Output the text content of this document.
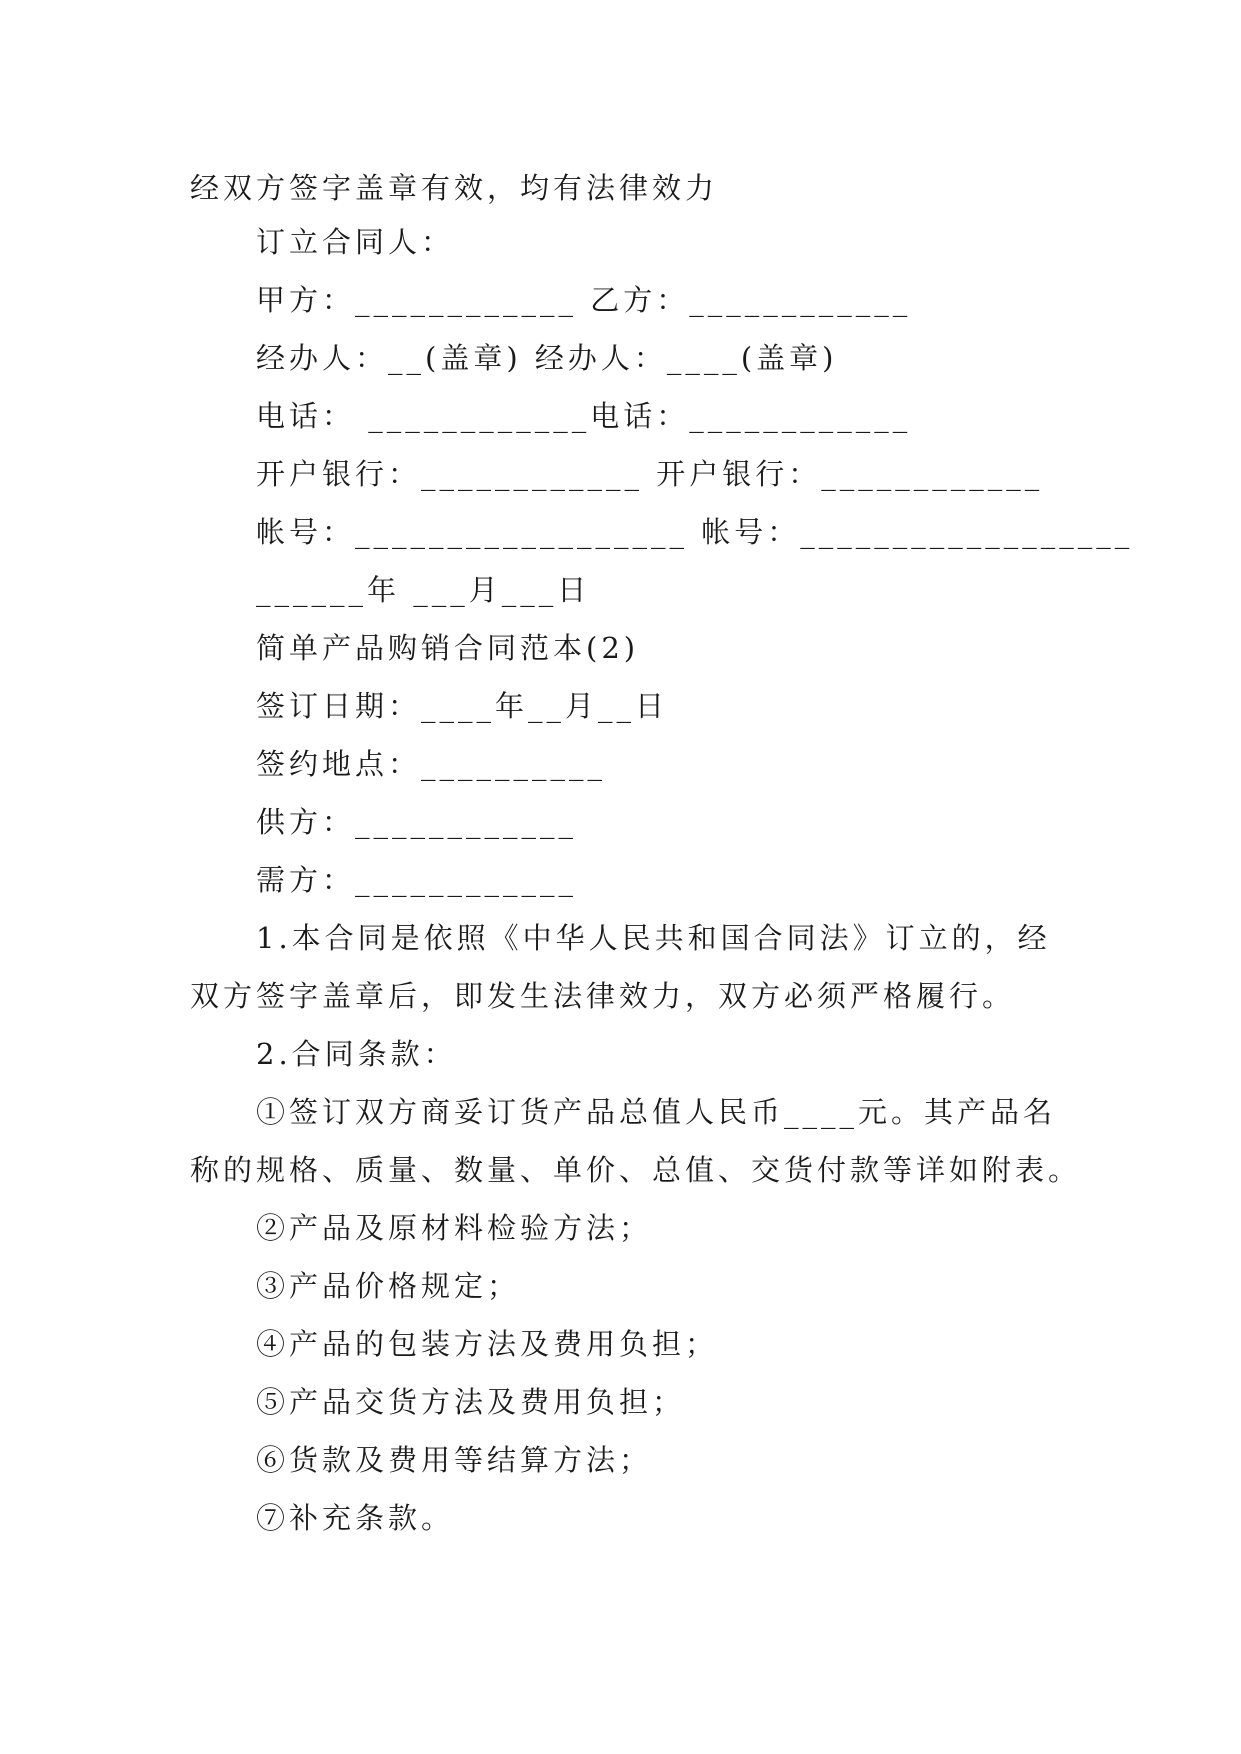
经双方签字盖章有效，均有法律效力
订立合同人：
甲方：____________ 乙方：____________
经办人：__(盖章) 经办人：____(盖章)
电话： ____________电话：____________
开户银行：____________ 开户银行：____________
帐号：__________________ 帐号：__________________
______年 ___月___日
简单产品购销合同范本(2)
签订日期：____年__月__日
签约地点：__________
供方：____________
需方：____________
1.本合同是依照《中华人民共和国合同法》订立的，经
双方签字盖章后，即发生法律效力，双方必须严格履行。
2.合同条款：
①签订双方商妥订货产品总值人民币____元。其产品名
称的规格、质量、数量、单价、总值、交货付款等详如附表。
②产品及原材料检验方法；
③产品价格规定；
④产品的包装方法及费用负担；
⑤产品交货方法及费用负担；
⑥货款及费用等结算方法；
⑦补充条款。
